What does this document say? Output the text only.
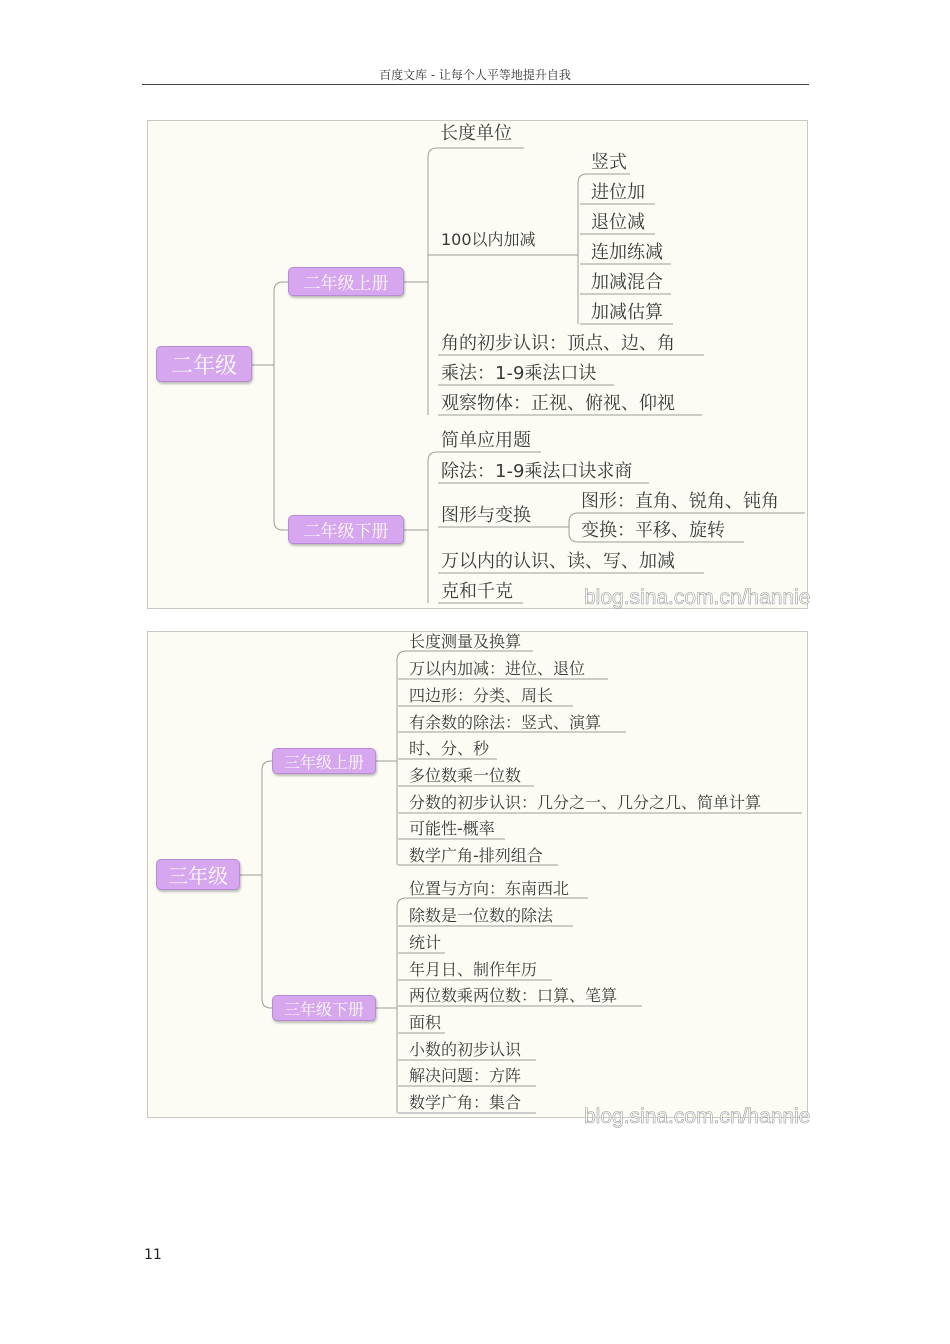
百度文库 - 让每个人平等地提升自我
二年级
二年级上册
二年级下册
长度单位
100以内加减
竖式
进位加
退位减
连加练减
加减混合
加减估算
角的初步认识：顶点、边、角
乘法：1-9乘法口诀
观察物体：正视、俯视、仰视
简单应用题
除法：1-9乘法口诀求商
图形与变换
图形：直角、锐角、钝角
变换：平移、旋转
万以内的认识、读、写、加减
克和千克	blog.sina.com.cn/hannie
三年级
三年级上册
三年级下册
长度测量及换算
万以内加减：进位、退位
四边形：分类、周长
有余数的除法：竖式、演算
时、分、秒
多位数乘一位数
分数的初步认识：几分之一、几分之几、简单计算
可能性-概率
数学广角-排列组合
位置与方向：东南西北
除数是一位数的除法
统计
年月日、制作年历
两位数乘两位数：口算、笔算
面积
小数的初步认识
解决问题：方阵
数学广角：集合
blog.sina.com.cn/hannie
11
